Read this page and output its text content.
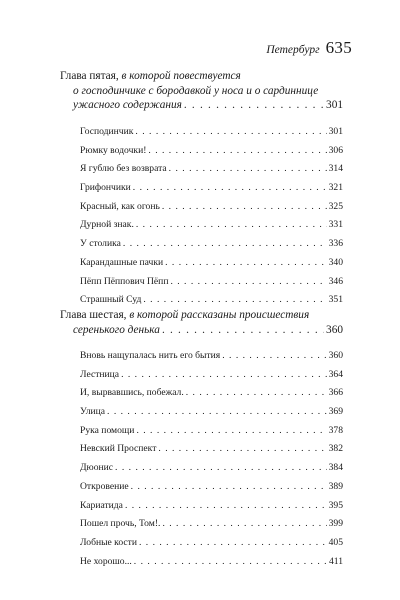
Петербург 635
Глава пятая, в которой повествуется
о господинчике с бородавкой у носа и о сардиннице
ужасного содержания . . .	301
Господинчик . . .	301
Рюмку водочки! . . .	306
Я гублю без возврата . . .	314
Грифончики . . .	321
Красный, как огонь . . .	325
Дурной знак. . . .	331
У столика . . .	336
Карандашные пачки . . .	340
Пёпп Пёппович Пёпп . . .	346
Страшный Суд . . .	351
Глава шестая, в которой рассказаны происшествия
серенького денька . . .	360
Вновь нащупалась нить его бытия . . .	360
Лестница . . .	364
И, вырвавшись, побежал. . . .	366
Улица . . .	369
Рука помощи . . .	378
Невский Проспект . . .	382
Дюонис . . .	384
Откровение . . .	389
Кариатида . . .	395
Пошел прочь, Том!. . . .	399
Лобные кости . . .	405
Не хорошо... . . .	411
